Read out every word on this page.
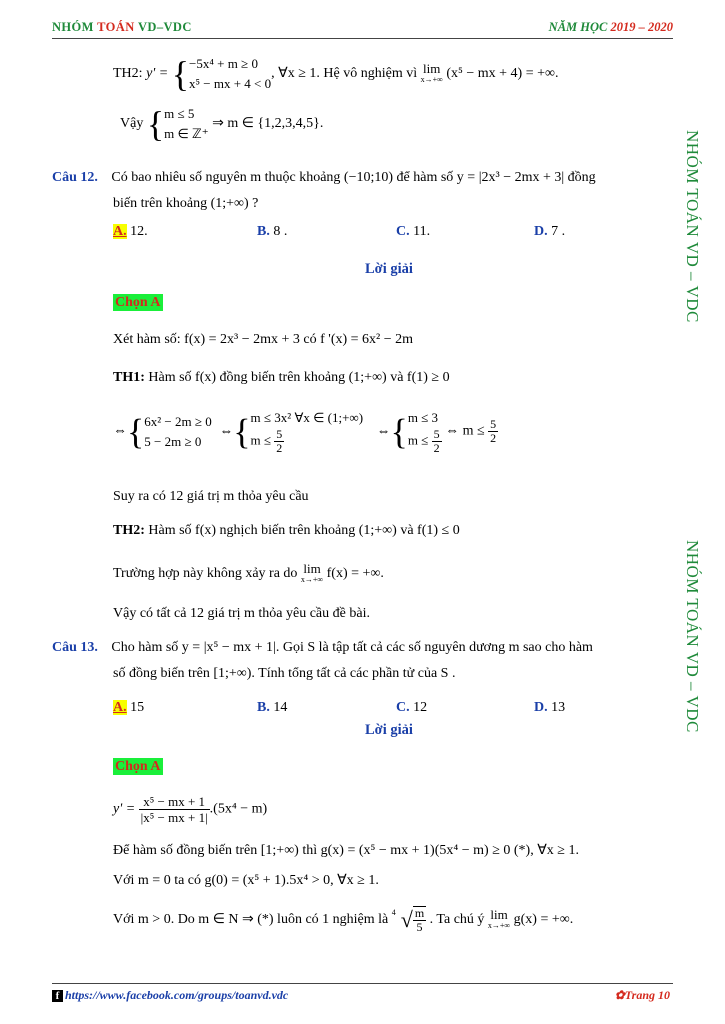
NHÓM TOÁN VD–VDC	NĂM HỌC 2019 – 2020
NHÓM TOÁN VD – VDC
NHÓM TOÁN VD – VDC
TH2: y' = { −5x⁴ + m ≥ 0
x⁵ − mx + 4 < 0
, ∀x ≥ 1. Hệ vô nghiệm vì lim
x→+∞ (x⁵ − mx + 4) = +∞.
Vậy { m ≤ 5
m ∈ ℤ⁺
⇒ m ∈ {1,2,3,4,5}.
Câu 12. Có bao nhiêu số nguyên m thuộc khoảng (−10;10) để hàm số y = |2x³ − 2mx + 3| đồng
biến trên khoảng (1;+∞) ?
A. 12.	B. 8 .	C. 11.	D. 7 .
Lời giải
Chọn A
Xét hàm số: f(x) = 2x³ − 2mx + 3 có f '(x) = 6x² − 2m
TH1: Hàm số f(x) đồng biến trên khoảng (1;+∞) và f(1) ≥ 0
⇔{ 6x² − 2m ≥ 0
5 − 2m ≥ 0
⇔{ m ≤ 3x² ∀x ∈ (1;+∞)
$m \le \frac{5}{2}$	⇔{ m ≤ 3
$m \le \frac{5}{2}$ ⇔ $m \le \frac{5}{2}$
Suy ra có 12 giá trị m thỏa yêu cầu
TH2: Hàm số f(x) nghịch biến trên khoảng (1;+∞) và f(1) ≤ 0
Trường hợp này không xảy ra do lim
x→+∞ f(x) = +∞.
Vậy có tất cả 12 giá trị m thỏa yêu cầu đề bài.
Câu 13. Cho hàm số y = |x⁵ − mx + 1|. Gọi S là tập tất cả các số nguyên dương m sao cho hàm
số đồng biến trên [1;+∞). Tính tổng tất cả các phần tử của S .
A. 15	B. 14	C. 12	D. 13
Lời giải
Chọn A
$y' = \frac{\text{x⁵ − mx + 1}}{\text{|x⁵ − mx + 1|}} .(5x^4 - m)$
Để hàm số đồng biến trên [1;+∞) thì g(x) = (x⁵ − mx + 1)(5x⁴ − m) ≥ 0 (*), ∀x ≥ 1.
Với m = 0 ta có g(0) = (x⁵ + 1).5x⁴ > 0, ∀x ≥ 1.
Với m > 0. Do m ∈ N ⇒ (*) luôn có 1 nghiệm là 4 √ $\frac{m}{5}$ . Ta chú ý lim
x→+∞ g(x) = +∞.
f https://www.facebook.com/groups/toanvd.vdc	✿Trang 10
